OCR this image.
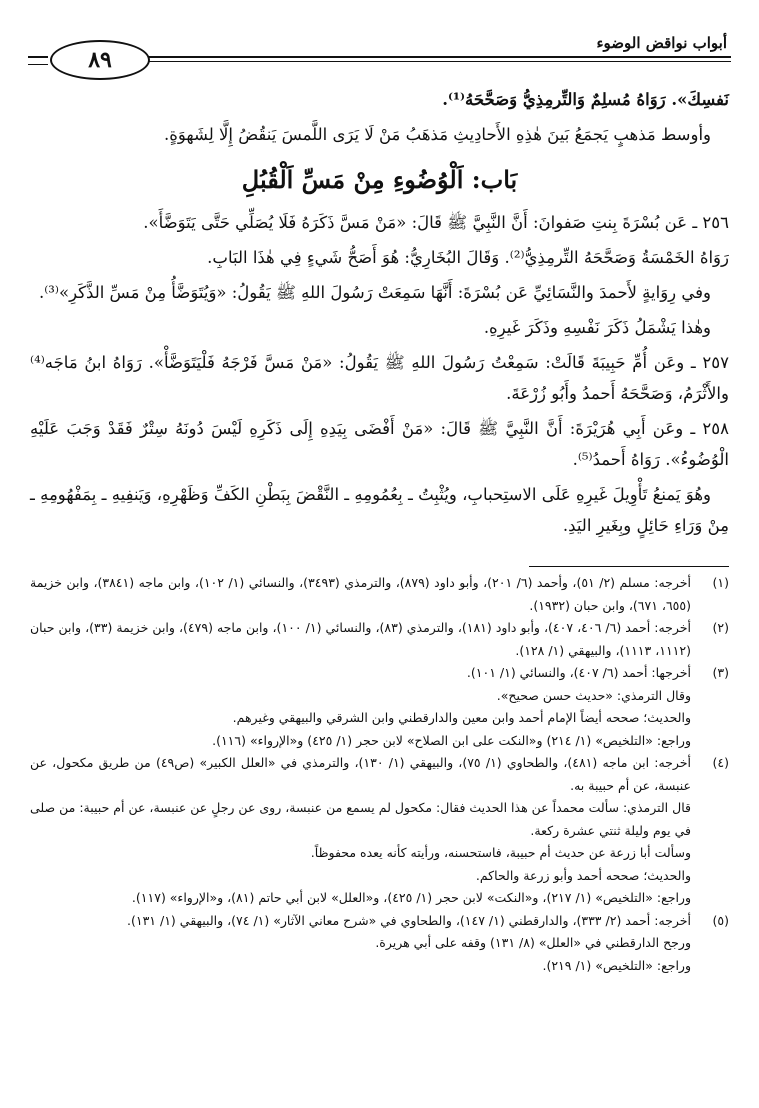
أبواب نواقض الوضوء
٨٩

نَفسِكَ». رَوَاهُ مُسلِمٌ وَالتِّرمِذِيُّ وَصَحَّحَهُ⁽¹⁾.

وأوسط مَذهبٍ يَجمَعُ بَينَ هٰذِهِ الأَحادِيثِ مَذهَبُ مَنْ لَا يَرَى اللَّمسَ يَنقُضُ إِلَّا لِشَهوَةٍ.

بَاب: اَلْوُضُوءِ مِنْ مَسِّ اَلْقُبُلِ

٢٥٦ ـ عَن بُسْرَةَ بِنتِ صَفوانَ: أَنَّ النَّبِيَّ ﷺ قَالَ: «مَنْ مَسَّ ذَكَرَهُ فَلَا يُصَلِّي حَتَّى يَتَوَضَّأَ».

رَوَاهُ الخَمْسَةُ وَصَحَّحَهُ التِّرمِذِيُّ⁽²⁾. وَقَالَ البُخَارِيُّ: هُوَ أَصَحُّ شَيءٍ فِي هٰذَا البَابِ.

وفي رِوَايةٍ لأَحمدَ والنَّسَائِيِّ عَن بُسْرَةَ: أَنَّهَا سَمِعَتْ رَسُولَ اللهِ ﷺ يَقُولُ: «وَيُتَوَضَّأُ مِنْ مَسِّ الذَّكَرِ»⁽³⁾.

وهٰذا يَشْمَلُ ذَكَرَ نَفْسِهِ وذَكَرَ غَيرِهِ.

٢٥٧ ـ وعَن أُمِّ حَبِيبَةَ قَالَتْ: سَمِعْتُ رَسُولَ اللهِ ﷺ يَقُولُ: «مَنْ مَسَّ فَرْجَهُ فَلْيَتَوَضَّأْ». رَوَاهُ ابنُ مَاجَه⁽⁴⁾ والأَثْرَمُ، وَصَحَّحَهُ أَحمدُ وأَبُو زُرْعَةَ.

٢٥٨ ـ وعَن أَبِي هُرَيْرَةَ: أَنَّ النَّبِيَّ ﷺ قَالَ: «مَنْ أَفْضَى بِيَدِهِ إِلَى ذَكَرِهِ لَيْسَ دُونَهُ سِتْرٌ فَقَدْ وَجَبَ عَلَيْهِ الْوُضُوءُ». رَوَاهُ أَحمدُ⁽⁵⁾.

وهُوَ يَمنعُ تَأْوِيلَ غَيرِهِ عَلَى الاستِحبابِ، ويُثْبِتُ ـ بِعُمُومِهِ ـ النَّقْضَ بِبَطْنِ الكَفِّ وَظَهْرِهِ، وَيَنفِيهِ ـ بِمَفْهُومِهِ ـ مِنْ وَرَاءِ حَائِلٍ وبِغَيرِ اليَدِ.

(١)
أخرجه: مسلم (٢/ ٥١)، وأحمد (٦/ ٢٠١)، وأبو داود (٨٧٩)، والترمذي (٣٤٩٣)، والنسائي (١/ ١٠٢)، وابن ماجه (٣٨٤١)، وابن خزيمة (٦٥٥، ٦٧١)، وابن حبان (١٩٣٢).
(٢)
أخرجه: أحمد (٦/ ٤٠٦، ٤٠٧)، وأبو داود (١٨١)، والترمذي (٨٣)، والنسائي (١/ ١٠٠)، وابن ماجه (٤٧٩)، وابن خزيمة (٣٣)، وابن حبان (١١١٢، ١١١٣)، والبيهقي (١/ ١٢٨).
(٣)
أخرجها: أحمد (٦/ ٤٠٧)، والنسائي (١/ ١٠١).
وقال الترمذي: «حديث حسن صحيح».
والحديث؛ صححه أيضاً الإمام أحمد وابن معين والدارقطني وابن الشرقي والبيهقي وغيرهم.
وراجع: «التلخيص» (١/ ٢١٤) و«النكت على ابن الصلاح» لابن حجر (١/ ٤٢٥) و«الإرواء» (١١٦).
(٤)
أخرجه: ابن ماجه (٤٨١)، والطحاوي (١/ ٧٥)، والبيهقي (١/ ١٣٠)، والترمذي في «العلل الكبير» (ص٤٩) من طريق مكحول، عن عنبسة، عن أم حبيبة به.
قال الترمذي: سألت محمداً عن هذا الحديث فقال: مكحول لم يسمع من عنبسة، روى عن رجلٍ عن عنبسة، عن أم حبيبة: من صلى في يوم وليلة ثنتي عشرة ركعة.
وسألت أبا زرعة عن حديث أم حبيبة، فاستحسنه، ورأيته كأنه يعده محفوظاً.
والحديث؛ صححه أحمد وأبو زرعة والحاكم.
وراجع: «التلخيص» (١/ ٢١٧)، و«النكت» لابن حجر (١/ ٤٢٥)، و«العلل» لابن أبي حاتم (٨١)، و«الإرواء» (١١٧).
(٥)
أخرجه: أحمد (٢/ ٣٣٣)، والدارقطني (١/ ١٤٧)، والطحاوي في «شرح معاني الآثار» (١/ ٧٤)، والبيهقي (١/ ١٣١).
ورجح الدارقطني في «العلل» (٨/ ١٣١) وقفه على أبي هريرة.
وراجع: «التلخيص» (١/ ٢١٩).
